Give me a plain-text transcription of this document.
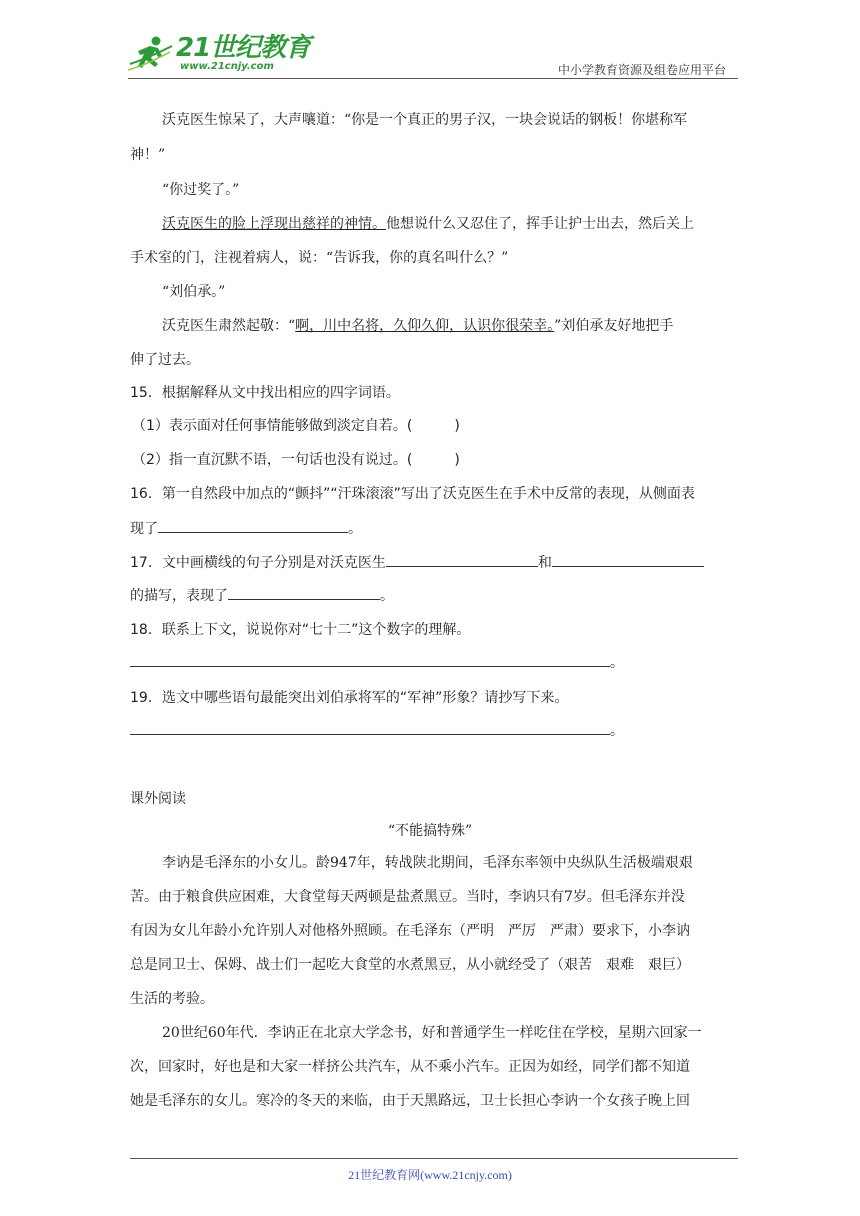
21世纪教育
www.21cnjy.com	中小学教育资源及组卷应用平台
沃克医生惊呆了，大声嚷道：“你是一个真正的男子汉，一块会说话的钢板！你堪称军
神！”
“你过奖了。”
沃克医生的脸上浮现出慈祥的神情。他想说什么又忍住了，挥手让护士出去，然后关上
手术室的门，注视着病人，说：“告诉我，你的真名叫什么？”
“刘伯承。”
沃克医生肃然起敬：“啊，川中名将，久仰久仰，认识你很荣幸。”刘伯承友好地把手
伸了过去。
15．根据解释从文中找出相应的四字词语。
（1）表示面对任何事情能够做到淡定自若。(	)
（2）指一直沉默不语，一句话也没有说过。(	)
16．第一自然段中加点的“颤抖”“汗珠滚滚”写出了沃克医生在手术中反常的表现，从侧面表
现了	。
17．文中画横线的句子分别是对沃克医生	和
的描写，表现了	。
18．联系上下文，说说你对“七十二”这个数字的理解。
。
19．选文中哪些语句最能突出刘伯承将军的“军神”形象？请抄写下来。
。
课外阅读
“不能搞特殊”
李讷是毛泽东的小女儿。龄947年，转战陕北期间，毛泽东率领中央纵队生活极端艰艰
苦。由于粮食供应困难，大食堂每天两顿是盐煮黑豆。当时，李讷只有7岁。但毛泽东并没
有因为女儿年龄小允许别人对他格外照顾。在毛泽东（严明　严厉　严肃）要求下，小李讷
总是同卫士、保姆、战士们一起吃大食堂的水煮黑豆，从小就经受了（艰苦　艰难　艰巨）
生活的考验。
20世纪60年代．李讷正在北京大学念书，好和普通学生一样吃住在学校，星期六回家一
次，回家时，好也是和大家一样挤公共汽车，从不乘小汽车。正因为如经，同学们都不知道
她是毛泽东的女儿。寒冷的冬天的来临，由于天黑路远，卫士长担心李讷一个女孩子晚上回
21世纪教育网(www.21cnjy.com)
